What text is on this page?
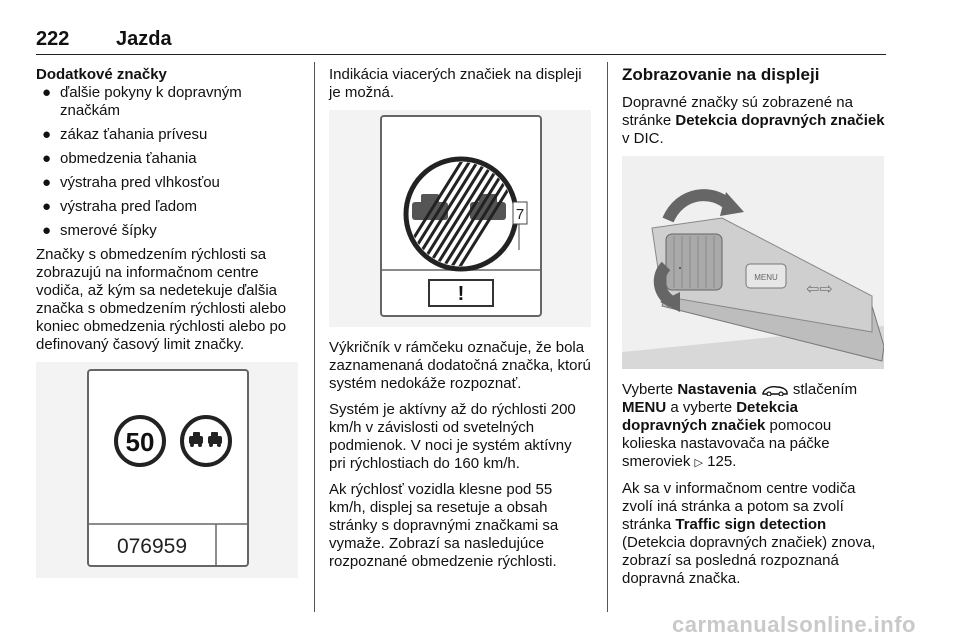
222 Jazda
Dodatkové značky
● ďalšie pokyny k dopravným značkám
● zákaz ťahania prívesu
● obmedzenia ťahania
● výstraha pred vlhkosťou
● výstraha pred ľadom
● smerové šípky

Značky s obmedzením rýchlosti sa zobrazujú na informačnom centre vodiča, až kým sa nedetekuje ďalšia značka s obmedzením rýchlosti alebo koniec obmedzenia rýchlosti alebo po definovaný časový limit značky.

50
076959

Indikácia viacerých značiek na displeji je možná.

!
7

Výkričník v rámčeku označuje, že bola zaznamenaná dodatočná značka, ktorú systém nedokáže rozpoznať.

Systém je aktívny až do rýchlosti 200 km/h v závislosti od svetelných podmienok. V noci je systém aktívny pri rýchlostiach do 160 km/h.

Ak rýchlosť vozidla klesne pod 55 km/h, displej sa resetuje a obsah stránky s dopravnými značkami sa vymaže. Zobrazí sa nasledujúce rozpoznané obmedzenie rýchlosti.

Zobrazovanie na displeji

Dopravné značky sú zobrazené na stránke Detekcia dopravných značiek v DIC.

MENU
⇦⇨

Vyberte Nastavenia  stlačením MENU a vyberte Detekcia dopravných značiek pomocou kolieska nastavovača na páčke smeroviek ▷ 125.

Ak sa v informačnom centre vodiča zvolí iná stránka a potom sa zvolí stránka Traffic sign detection (Detekcia dopravných značiek) znova, zobrazí sa posledná rozpoznaná dopravná značka.

carmanualsonline.info
